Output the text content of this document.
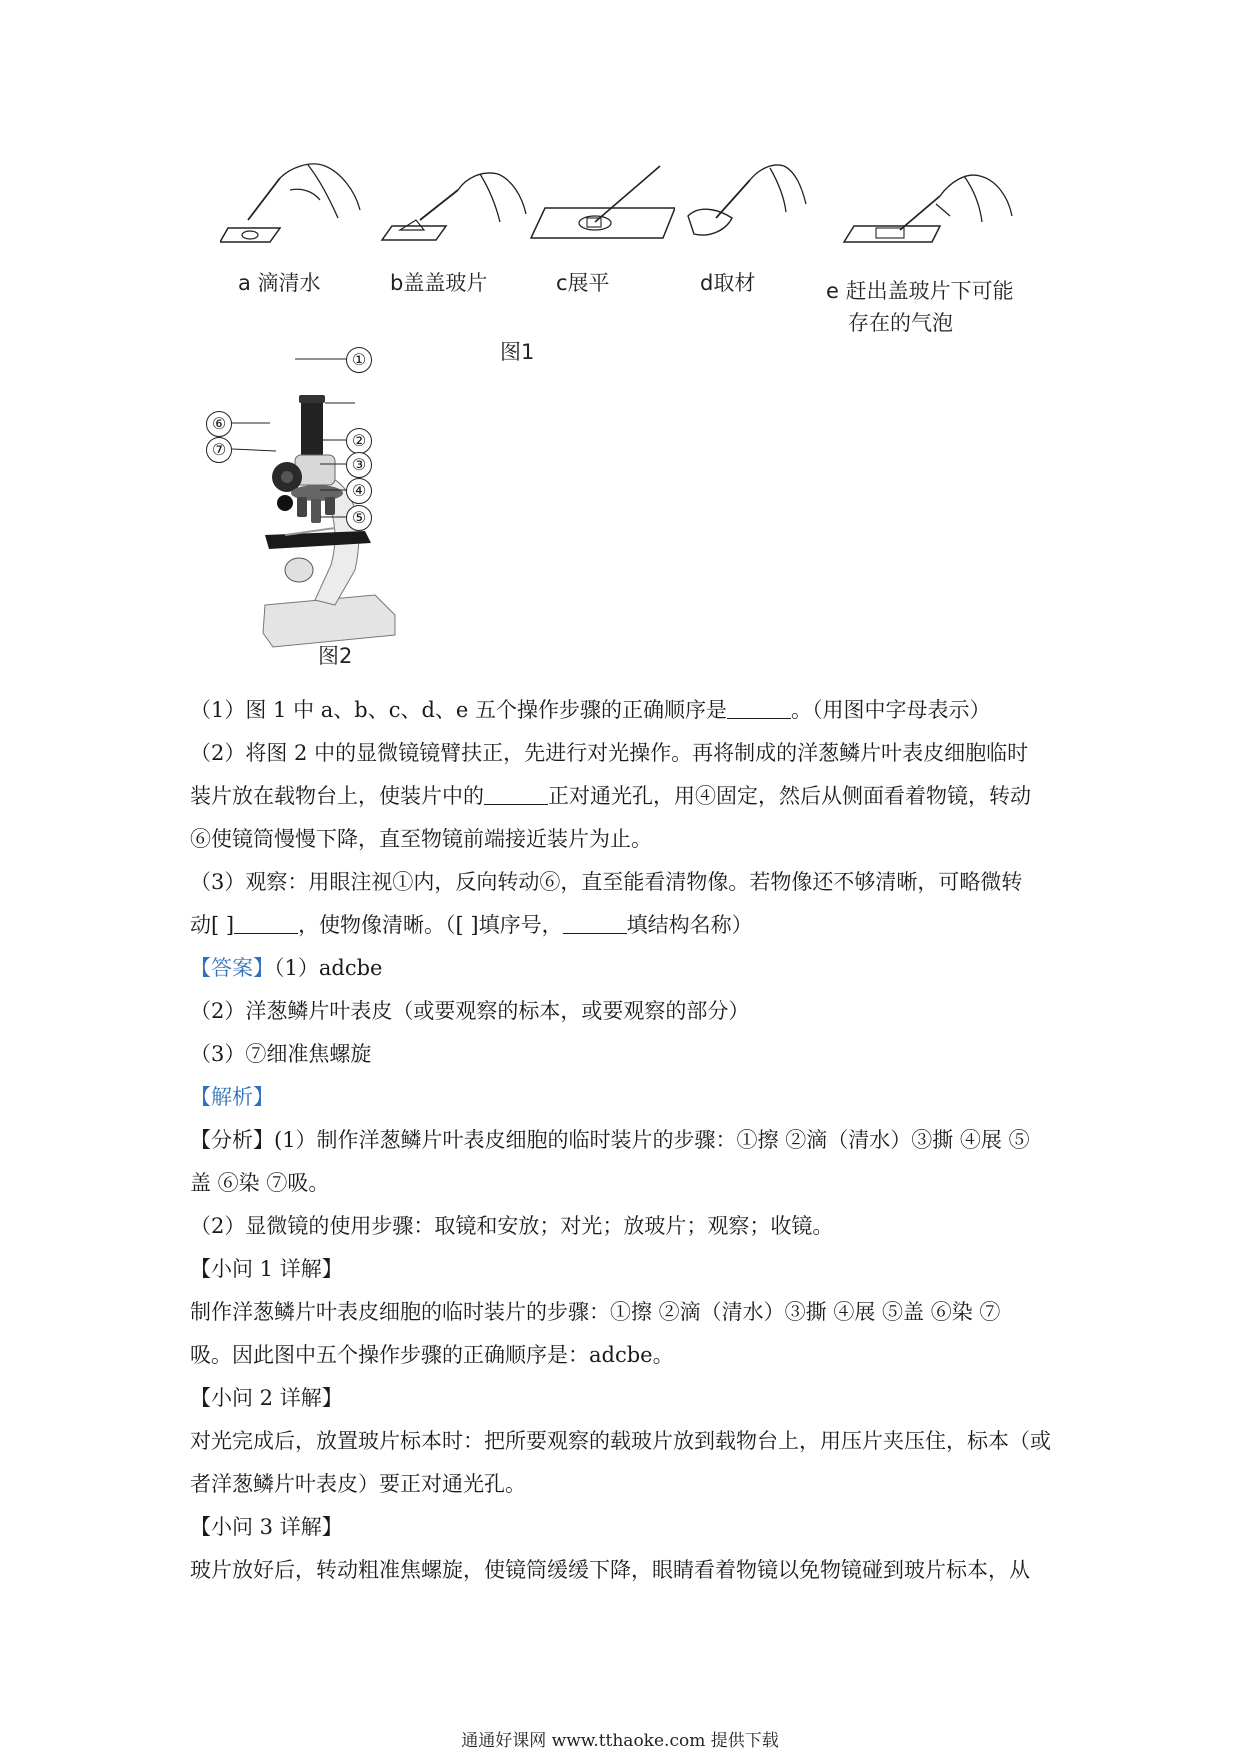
a 滴清水	b盖盖玻片	c展平	d取材	e 赶出盖玻片下可能
存在的气泡
图1
①
②
③
④
⑤
⑥
⑦
图2
（1）图 1 中 a、b、c、d、e 五个操作步骤的正确顺序是	。（用图中字母表示）
（2）将图 2 中的显微镜镜臂扶正，先进行对光操作。再将制成的洋葱鳞片叶表皮细胞临时
装片放在载物台上，使装片中的	正对通光孔，用④固定，然后从侧面看着物镜，转动
⑥使镜筒慢慢下降，直至物镜前端接近装片为止。
（3）观察：用眼注视①内，反向转动⑥，直至能看清物像。若物像还不够清晰，可略微转
动[ ]	，使物像清晰。（[ ]填序号，	填结构名称）
【答案】（1）adcbe
（2）洋葱鳞片叶表皮（或要观察的标本，或要观察的部分）
（3）⑦细准焦螺旋
【解析】
【分析】(1）制作洋葱鳞片叶表皮细胞的临时装片的步骤：①擦 ②滴（清水）③撕 ④展 ⑤
盖 ⑥染 ⑦吸。
（2）显微镜的使用步骤：取镜和安放；对光；放玻片；观察；收镜。
【小问 1 详解】
制作洋葱鳞片叶表皮细胞的临时装片的步骤：①擦 ②滴（清水）③撕 ④展 ⑤盖 ⑥染 ⑦
吸。因此图中五个操作步骤的正确顺序是：adcbe。
【小问 2 详解】
对光完成后，放置玻片标本时：把所要观察的载玻片放到载物台上，用压片夹压住，标本（或
者洋葱鳞片叶表皮）要正对通光孔。
【小问 3 详解】
玻片放好后，转动粗准焦螺旋，使镜筒缓缓下降，眼睛看着物镜以免物镜碰到玻片标本，从
通通好课网 www.tthaoke.com 提供下载
